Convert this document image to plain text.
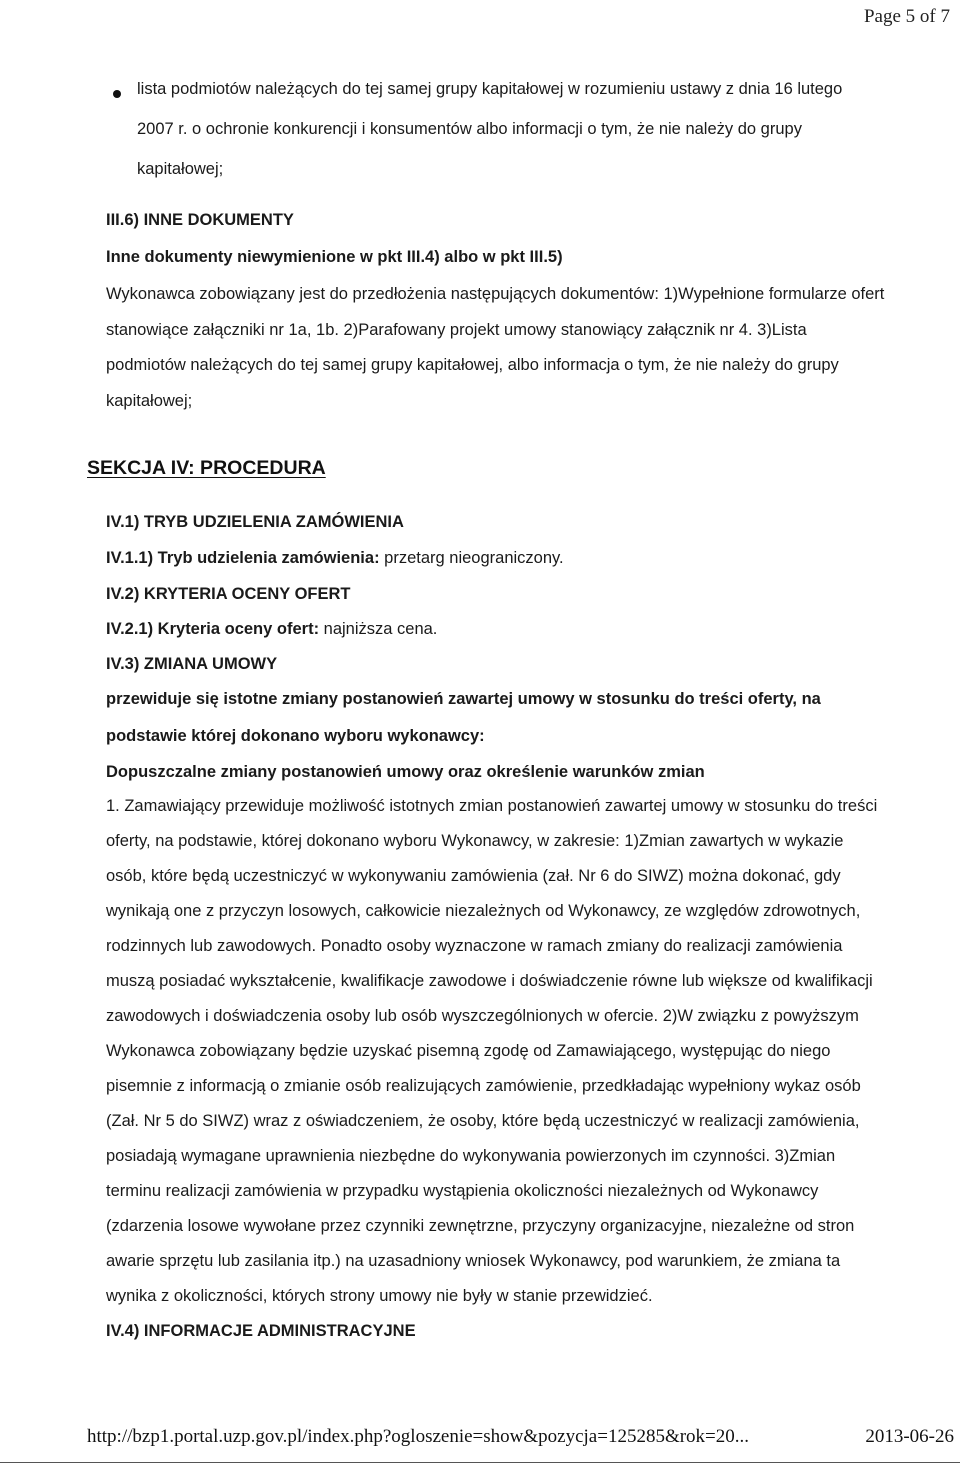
Page 5 of 7
lista podmiotów należących do tej samej grupy kapitałowej w rozumieniu ustawy z dnia 16 lutego
2007 r. o ochronie konkurencji i konsumentów albo informacji o tym, że nie należy do grupy
kapitałowej;
III.6) INNE DOKUMENTY
Inne dokumenty niewymienione w pkt III.4) albo w pkt III.5)
Wykonawca zobowiązany jest do przedłożenia następujących dokumentów: 1)Wypełnione formularze ofert
stanowiące załączniki nr 1a, 1b. 2)Parafowany projekt umowy stanowiący załącznik nr 4. 3)Lista
podmiotów należących do tej samej grupy kapitałowej, albo informacja o tym, że nie należy do grupy
kapitałowej;
SEKCJA IV: PROCEDURA
IV.1) TRYB UDZIELENIA ZAMÓWIENIA
IV.1.1) Tryb udzielenia zamówienia: przetarg nieograniczony.
IV.2) KRYTERIA OCENY OFERT
IV.2.1) Kryteria oceny ofert: najniższa cena.
IV.3) ZMIANA UMOWY
przewiduje się istotne zmiany postanowień zawartej umowy w stosunku do treści oferty, na
podstawie której dokonano wyboru wykonawcy:
Dopuszczalne zmiany postanowień umowy oraz określenie warunków zmian
1. Zamawiający przewiduje możliwość istotnych zmian postanowień zawartej umowy w stosunku do treści
oferty, na podstawie, której dokonano wyboru Wykonawcy, w zakresie: 1)Zmian zawartych w wykazie
osób, które będą uczestniczyć w wykonywaniu zamówienia (zał. Nr 6 do SIWZ) można dokonać, gdy
wynikają one z przyczyn losowych, całkowicie niezależnych od Wykonawcy, ze względów zdrowotnych,
rodzinnych lub zawodowych. Ponadto osoby wyznaczone w ramach zmiany do realizacji zamówienia
muszą posiadać wykształcenie, kwalifikacje zawodowe i doświadczenie równe lub większe od kwalifikacji
zawodowych i doświadczenia osoby lub osób wyszczególnionych w ofercie. 2)W związku z powyższym
Wykonawca zobowiązany będzie uzyskać pisemną zgodę od Zamawiającego, występując do niego
pisemnie z informacją o zmianie osób realizujących zamówienie, przedkładając wypełniony wykaz osób
(Zał. Nr 5 do SIWZ) wraz z oświadczeniem, że osoby, które będą uczestniczyć w realizacji zamówienia,
posiadają wymagane uprawnienia niezbędne do wykonywania powierzonych im czynności. 3)Zmian
terminu realizacji zamówienia w przypadku wystąpienia okoliczności niezależnych od Wykonawcy
(zdarzenia losowe wywołane przez czynniki zewnętrzne, przyczyny organizacyjne, niezależne od stron
awarie sprzętu lub zasilania itp.) na uzasadniony wniosek Wykonawcy, pod warunkiem, że zmiana ta
wynika z okoliczności, których strony umowy nie były w stanie przewidzieć.
IV.4) INFORMACJE ADMINISTRACYJNE
http://bzp1.portal.uzp.gov.pl/index.php?ogloszenie=show&pozycja=125285&rok=20...	2013-06-26
